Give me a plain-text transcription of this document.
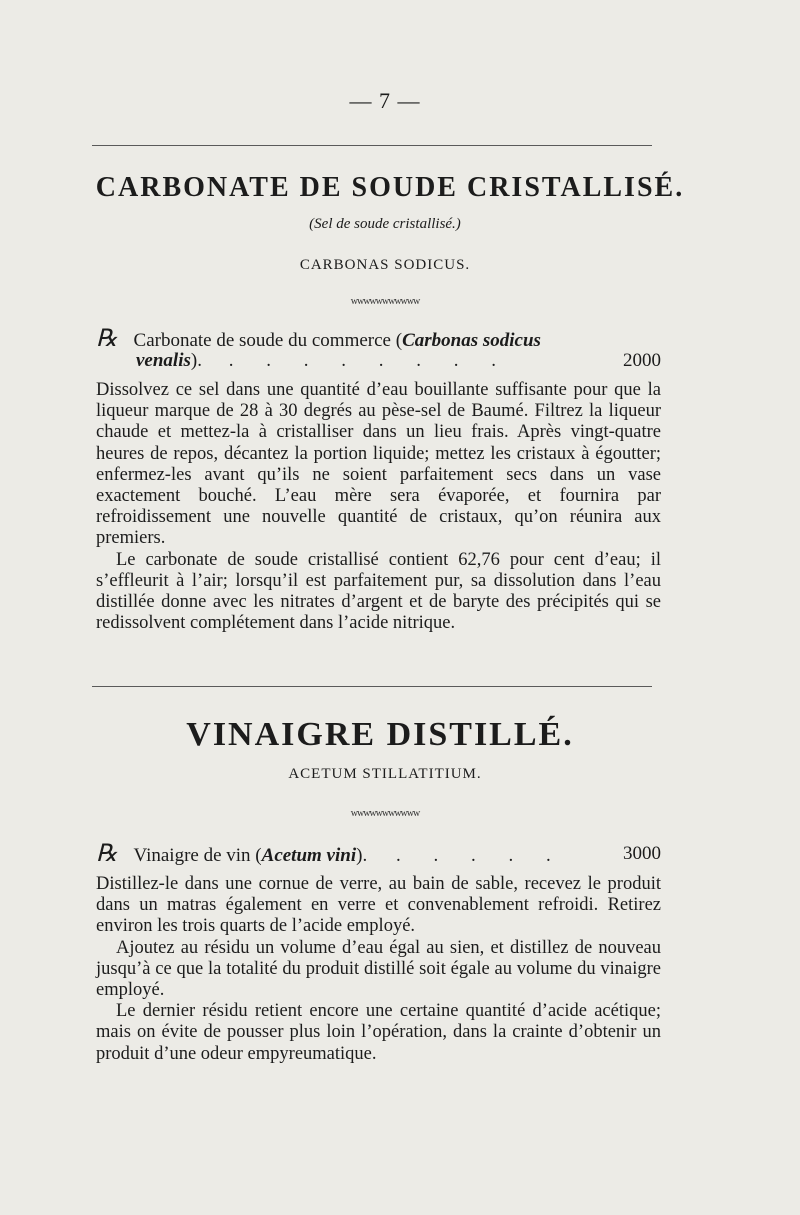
— 7 —
CARBONATE DE SOUDE CRISTALLISÉ.
(Sel de soude cristallisé.)
CARBONAS SODICUS.
wwwwwwwwwww
℞ Carbonate de soude du commerce (Carbonas sodicus
venalis). . . . . . . . .	2000

Dissolvez ce sel dans une quantité d’eau bouillante suffisante pour que la liqueur marque de 28 à 30 degrés au pèse-sel de Baumé. Filtrez la liqueur chaude et mettez-la à cristalliser dans un lieu frais. Après vingt-quatre heures de repos, décantez la portion liquide; mettez les cristaux à égoutter; enfermez-les avant qu’ils ne soient parfaitement secs dans un vase exactement bouché. L’eau mère sera évaporée, et fournira par refroidissement une nouvelle quantité de cristaux, qu’on réunira aux premiers.

Le carbonate de soude cristallisé contient 62,76 pour cent d’eau; il s’effleurit à l’air; lorsqu’il est parfaitement pur, sa dissolution dans l’eau distillée donne avec les nitrates d’argent et de baryte des précipités qui se redissolvent complétement dans l’acide nitrique.

VINAIGRE DISTILLÉ.
ACETUM STILLATITIUM.
wwwwwwwwwww
℞ Vinaigre de vin (Acetum vini). . . . . .	3000

Distillez-le dans une cornue de verre, au bain de sable, recevez le produit dans un matras également en verre et convenablement refroidi. Retirez environ les trois quarts de l’acide employé.

Ajoutez au résidu un volume d’eau égal au sien, et distillez de nouveau jusqu’à ce que la totalité du produit distillé soit égale au volume du vinaigre employé.

Le dernier résidu retient encore une certaine quantité d’acide acétique; mais on évite de pousser plus loin l’opération, dans la crainte d’obtenir un produit d’une odeur empyreumatique.
